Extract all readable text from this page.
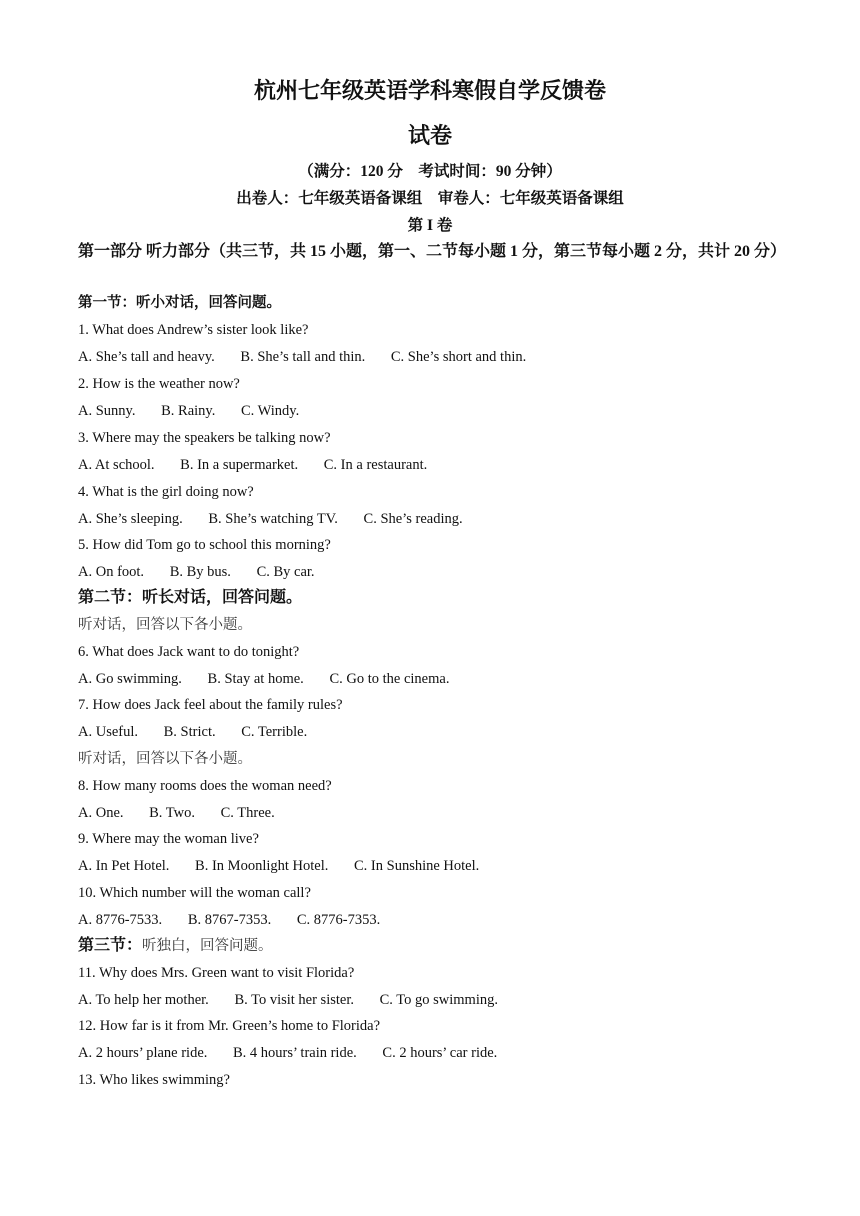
杭州七年级英语学科寒假自学反馈卷
试卷
（满分：120 分　考试时间：90 分钟）
出卷人：七年级英语备课组　审卷人：七年级英语备课组
第 I 卷
第一部分 听力部分（共三节，共 15 小题，第一、二节每小题 1 分，第三节每小题 2 分，共计 20 分）
第一节：听小对话，回答问题。
1. What does Andrew’s sister look like?
A. She’s tall and heavy. B. She’s tall and thin. C. She’s short and thin.
2. How is the weather now?
A. Sunny. B. Rainy. C. Windy.
3. Where may the speakers be talking now?
A. At school. B. In a supermarket. C. In a restaurant.
4. What is the girl doing now?
A. She’s sleeping. B. She’s watching TV. C. She’s reading.
5. How did Tom go to school this morning?
A. On foot. B. By bus. C. By car.
第二节：听长对话，回答问题。
听对话，回答以下各小题。
6. What does Jack want to do tonight?
A. Go swimming. B. Stay at home. C. Go to the cinema.
7. How does Jack feel about the family rules?
A. Useful. B. Strict. C. Terrible.
听对话，回答以下各小题。
8. How many rooms does the woman need?
A. One. B. Two. C. Three.
9. Where may the woman live?
A. In Pet Hotel. B. In Moonlight Hotel. C. In Sunshine Hotel.
10. Which number will the woman call?
A. 8776-7533. B. 8767-7353. C. 8776-7353.
第三节：听独白，回答问题。
11. Why does Mrs. Green want to visit Florida?
A. To help her mother. B. To visit her sister. C. To go swimming.
12. How far is it from Mr. Green’s home to Florida?
A. 2 hours’ plane ride. B. 4 hours’ train ride. C. 2 hours’ car ride.
13. Who likes swimming?
